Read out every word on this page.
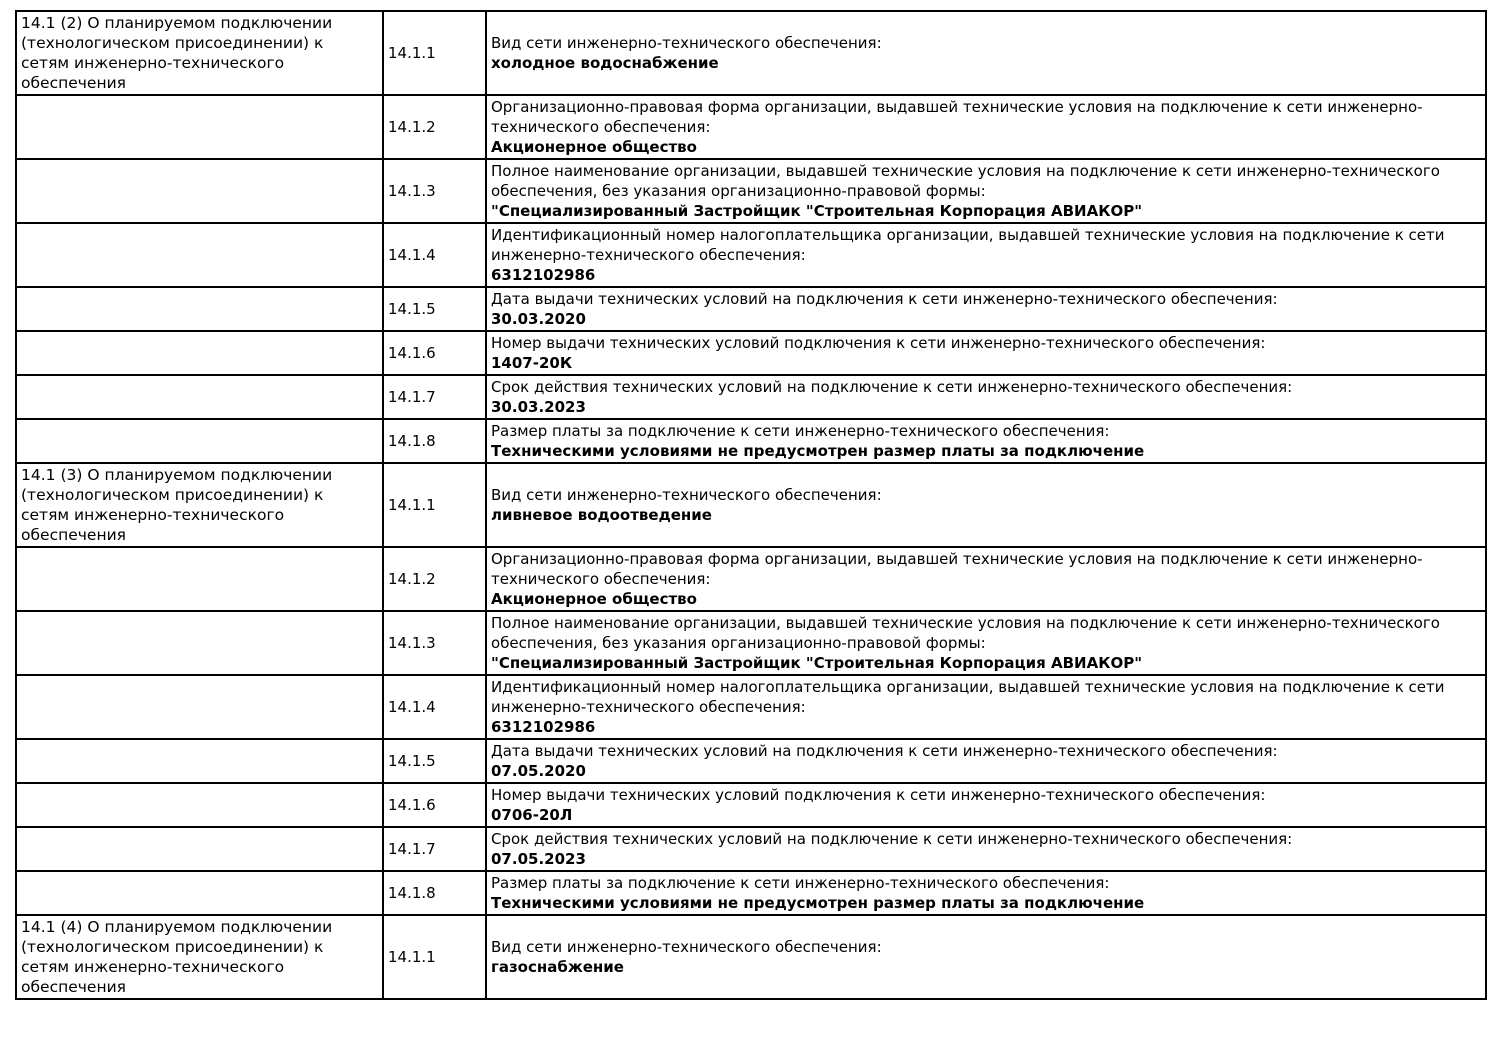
14.1 (2) О планируемом подключении (технологическом присоединении) к сетям инженерно-технического обеспечения	14.1.1	Вид сети инженерно-технического обеспечения:
холодное водоснабжение

	14.1.2	Организационно-правовая форма организации, выдавшей технические условия на подключение к сети инженерно-технического обеспечения:
Акционерное общество

	14.1.3	Полное наименование организации, выдавшей технические условия на подключение к сети инженерно-технического обеспечения, без указания организационно-правовой формы:
"Специализированный Застройщик "Строительная Корпорация АВИАКОР"

	14.1.4	Идентификационный номер налогоплательщика организации, выдавшей технические условия на подключение к сети инженерно-технического обеспечения:
6312102986

	14.1.5	Дата выдачи технических условий на подключения к сети инженерно-технического обеспечения:
30.03.2020

	14.1.6	Номер выдачи технических условий подключения к сети инженерно-технического обеспечения:
1407-20К

	14.1.7	Срок действия технических условий на подключение к сети инженерно-технического обеспечения:
30.03.2023

	14.1.8	Размер платы за подключение к сети инженерно-технического обеспечения:
Техническими условиями не предусмотрен размер платы за подключение

14.1 (3) О планируемом подключении (технологическом присоединении) к сетям инженерно-технического обеспечения	14.1.1	Вид сети инженерно-технического обеспечения:
ливневое водоотведение

	14.1.2	Организационно-правовая форма организации, выдавшей технические условия на подключение к сети инженерно-технического обеспечения:
Акционерное общество

	14.1.3	Полное наименование организации, выдавшей технические условия на подключение к сети инженерно-технического обеспечения, без указания организационно-правовой формы:
"Специализированный Застройщик "Строительная Корпорация АВИАКОР"

	14.1.4	Идентификационный номер налогоплательщика организации, выдавшей технические условия на подключение к сети инженерно-технического обеспечения:
6312102986

	14.1.5	Дата выдачи технических условий на подключения к сети инженерно-технического обеспечения:
07.05.2020

	14.1.6	Номер выдачи технических условий подключения к сети инженерно-технического обеспечения:
0706-20Л

	14.1.7	Срок действия технических условий на подключение к сети инженерно-технического обеспечения:
07.05.2023

	14.1.8	Размер платы за подключение к сети инженерно-технического обеспечения:
Техническими условиями не предусмотрен размер платы за подключение

14.1 (4) О планируемом подключении (технологическом присоединении) к сетям инженерно-технического обеспечения	14.1.1	Вид сети инженерно-технического обеспечения:
газоснабжение
